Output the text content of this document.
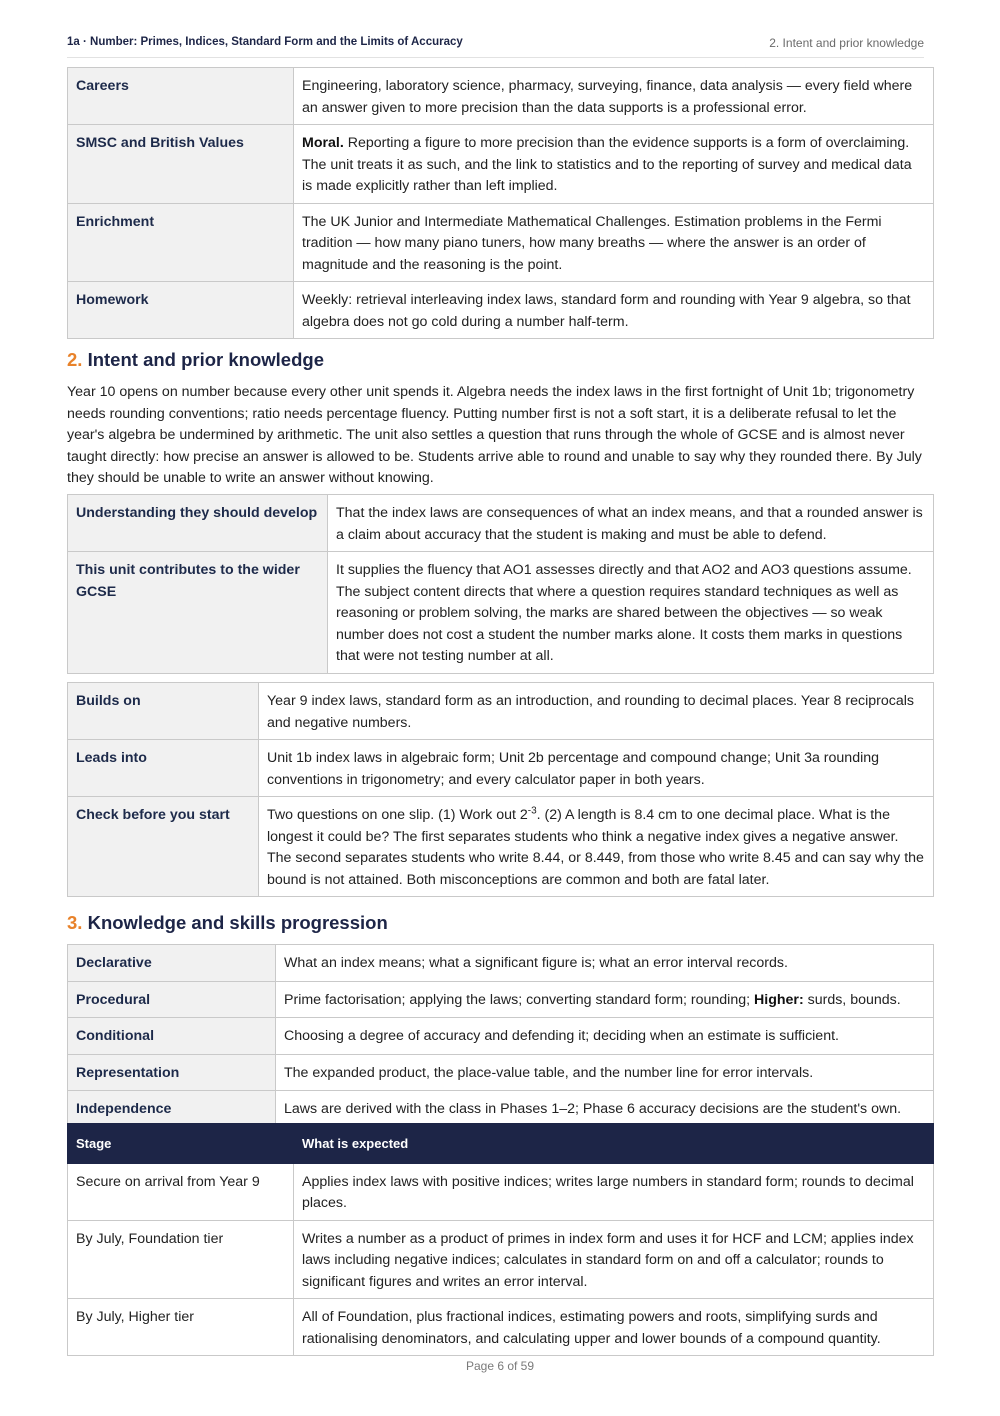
1a · Number: Primes, Indices, Standard Form and the Limits of Accuracy	2. Intent and prior knowledge
Careers	Engineering, laboratory science, pharmacy, surveying, finance, data analysis — every field where an answer given to more precision than the data supports is a professional error.
SMSC and British Values	Moral. Reporting a figure to more precision than the evidence supports is a form of overclaiming. The unit treats it as such, and the link to statistics and to the reporting of survey and medical data is made explicitly rather than left implied.
Enrichment	The UK Junior and Intermediate Mathematical Challenges. Estimation problems in the Fermi tradition — how many piano tuners, how many breaths — where the answer is an order of magnitude and the reasoning is the point.
Homework	Weekly: retrieval interleaving index laws, standard form and rounding with Year 9 algebra, so that algebra does not go cold during a number half-term.
2. Intent and prior knowledge
Year 10 opens on number because every other unit spends it. Algebra needs the index laws in the first fortnight of Unit 1b; trigonometry needs rounding conventions; ratio needs percentage fluency. Putting number first is not a soft start, it is a deliberate refusal to let the year's algebra be undermined by arithmetic. The unit also settles a question that runs through the whole of GCSE and is almost never taught directly: how precise an answer is allowed to be. Students arrive able to round and unable to say why they rounded there. By July they should be unable to write an answer without knowing.
Understanding they should develop	That the index laws are consequences of what an index means, and that a rounded answer is a claim about accuracy that the student is making and must be able to defend.
This unit contributes to the wider GCSE	It supplies the fluency that AO1 assesses directly and that AO2 and AO3 questions assume. The subject content directs that where a question requires standard techniques as well as reasoning or problem solving, the marks are shared between the objectives — so weak number does not cost a student the number marks alone. It costs them marks in questions that were not testing number at all.
Builds on	Year 9 index laws, standard form as an introduction, and rounding to decimal places. Year 8 reciprocals and negative numbers.
Leads into	Unit 1b index laws in algebraic form; Unit 2b percentage and compound change; Unit 3a rounding conventions in trigonometry; and every calculator paper in both years.
Check before you start	Two questions on one slip. (1) Work out $2^{-3}$. (2) A length is 8.4 cm to one decimal place. What is the longest it could be? The first separates students who think a negative index gives a negative answer. The second separates students who write 8.44, or 8.449, from those who write 8.45 and can say why the bound is not attained. Both misconceptions are common and both are fatal later.
3. Knowledge and skills progression
Declarative	What an index means; what a significant figure is; what an error interval records.
Procedural	Prime factorisation; applying the laws; converting standard form; rounding; Higher: surds, bounds.
Conditional	Choosing a degree of accuracy and defending it; deciding when an estimate is sufficient.
Representation	The expanded product, the place-value table, and the number line for error intervals.
Independence	Laws are derived with the class in Phases 1–2; Phase 6 accuracy decisions are the student's own.
Stage	What is expected
Secure on arrival from Year 9	Applies index laws with positive indices; writes large numbers in standard form; rounds to decimal places.
By July, Foundation tier	Writes a number as a product of primes in index form and uses it for HCF and LCM; applies index laws including negative indices; calculates in standard form on and off a calculator; rounds to significant figures and writes an error interval.
By July, Higher tier	All of Foundation, plus fractional indices, estimating powers and roots, simplifying surds and rationalising denominators, and calculating upper and lower bounds of a compound quantity.
Page 6 of 59
